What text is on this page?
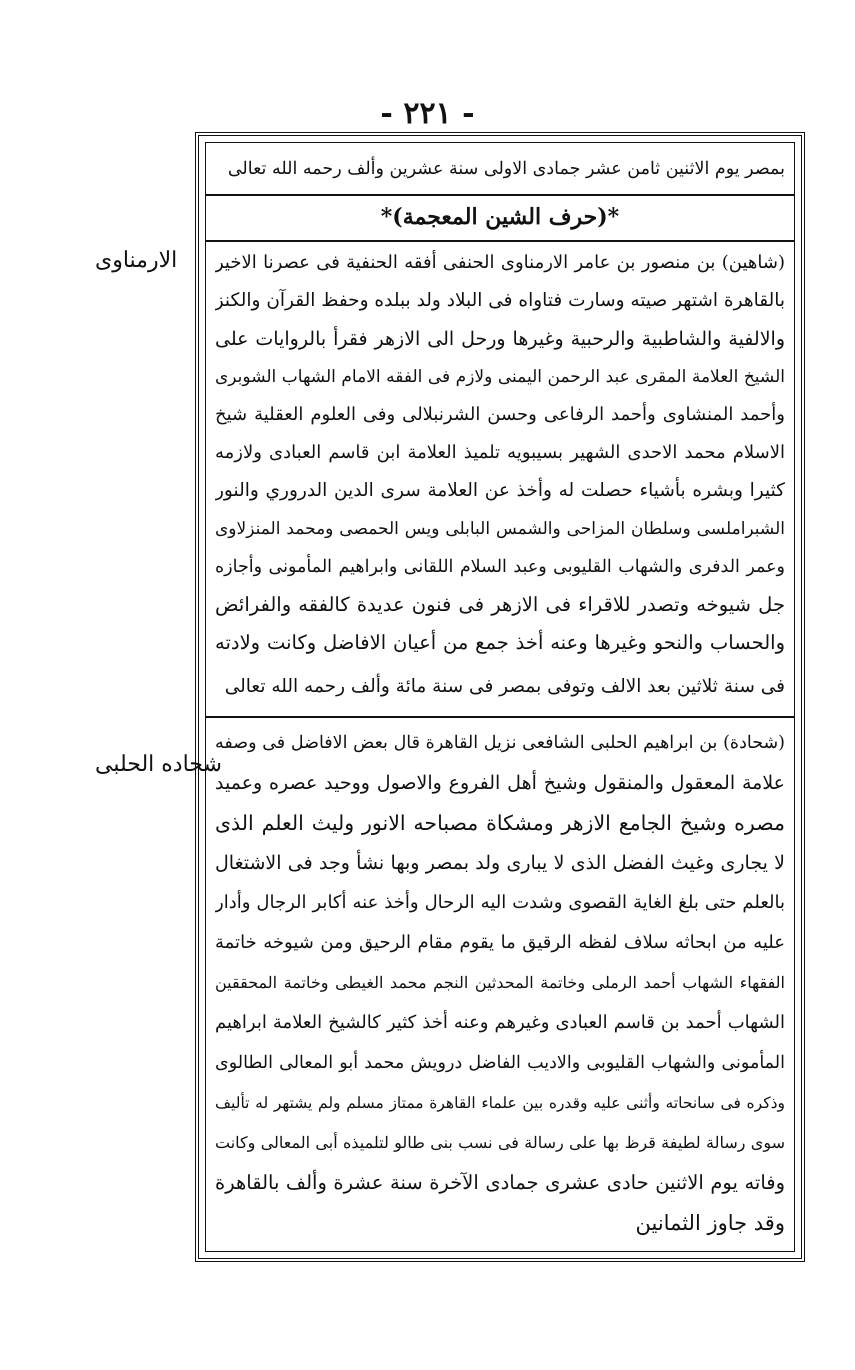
- ٢٢١ -
الارمناوى
شحاده الحلبى
بمصر يوم الاثنين ثامن عشر جمادى الاولى سنة عشرين وألف رحمه الله تعالى
*(حرف الشين المعجمة)*
(شاهين) بن منصور بن عامر الارمناوى الحنفى أفقه الحنفية فى عصرنا الاخير
بالقاهرة اشتهر صيته وسارت فتاواه فى البلاد ولد ببلده وحفظ القرآن والكنز
والالفية والشاطبية والرحبية وغيرها ورحل الى الازهر فقرأ بالروايات على
الشيخ العلامة المقرى عبد الرحمن اليمنى ولازم فى الفقه الامام الشهاب الشوبرى
وأحمد المنشاوى وأحمد الرفاعى وحسن الشرنبلالى وفى العلوم العقلية شيخ
الاسلام محمد الاحدى الشهير بسيبويه تلميذ العلامة ابن قاسم العبادى ولازمه
كثيرا وبشره بأشياء حصلت له وأخذ عن العلامة سرى الدين الدروري والنور
الشبراملسى وسلطان المزاحى والشمس البابلى ويس الحمصى ومحمد المنزلاوى
وعمر الدفرى والشهاب القليوبى وعبد السلام اللقانى وابراهيم المأمونى وأجازه
جل شيوخه وتصدر للاقراء فى الازهر فى فنون عديدة كالفقه والفرائض
والحساب والنحو وغيرها وعنه أخذ جمع من أعيان الافاضل وكانت ولادته
فى سنة ثلاثين بعد الالف وتوفى بمصر فى سنة مائة وألف رحمه الله تعالى
(شحادة) بن ابراهيم الحلبى الشافعى نزيل القاهرة قال بعض الافاضل فى وصفه
علامة المعقول والمنقول وشيخ أهل الفروع والاصول ووحيد عصره وعميد
مصره وشيخ الجامع الازهر ومشكاة مصباحه الانور وليث العلم الذى
لا يجارى وغيث الفضل الذى لا يبارى ولد بمصر وبها نشأ وجد فى الاشتغال
بالعلم حتى بلغ الغاية القصوى وشدت اليه الرحال وأخذ عنه أكابر الرجال وأدار
عليه من ابحاثه سلاف لفظه الرقيق ما يقوم مقام الرحيق ومن شيوخه خاتمة
الفقهاء الشهاب أحمد الرملى وخاتمة المحدثين النجم محمد الغيطى وخاتمة المحققين
الشهاب أحمد بن قاسم العبادى وغيرهم وعنه أخذ كثير كالشيخ العلامة ابراهيم
المأمونى والشهاب القليوبى والاديب الفاضل درويش محمد أبو المعالى الطالوى
وذكره فى سانحاته وأثنى عليه وقدره بين علماء القاهرة ممتاز مسلم ولم يشتهر له تأليف
سوى رسالة لطيفة قرظ بها على رسالة فى نسب بنى طالو لتلميذه أبى المعالى وكانت
وفاته يوم الاثنين حادى عشرى جمادى الآخرة سنة عشرة وألف بالقاهرة
وقد جاوز الثمانين
